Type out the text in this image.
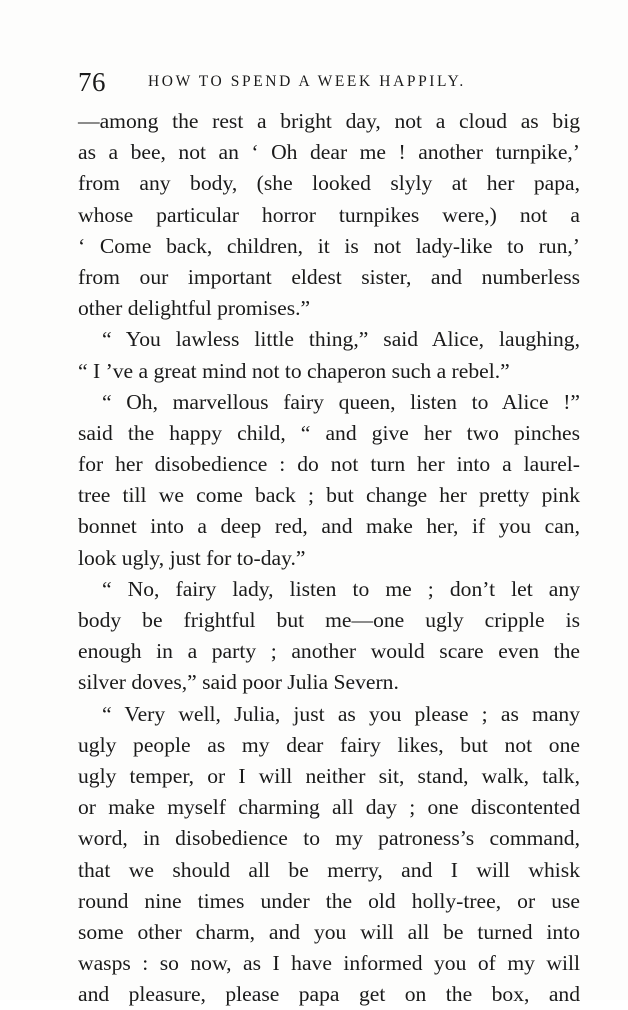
76	HOW TO SPEND A WEEK HAPPILY.
—among the rest a bright day, not a cloud as big
as a bee, not an ‘ Oh dear me ! another turnpike,’
from any body, (she looked slyly at her papa,
whose particular horror turnpikes were,) not a
‘ Come back, children, it is not lady-like to run,’
from our important eldest sister, and numberless
other delightful promises.”
“ You lawless little thing,” said Alice, laughing,
“ I ’ve a great mind not to chaperon such a rebel.”
“ Oh, marvellous fairy queen, listen to Alice !”
said the happy child, “ and give her two pinches
for her disobedience : do not turn her into a laurel-
tree till we come back ; but change her pretty pink
bonnet into a deep red, and make her, if you can,
look ugly, just for to-day.”
“ No, fairy lady, listen to me ; don’t let any
body be frightful but me—one ugly cripple is
enough in a party ; another would scare even the
silver doves,” said poor Julia Severn.
“ Very well, Julia, just as you please ; as many
ugly people as my dear fairy likes, but not one
ugly temper, or I will neither sit, stand, walk, talk,
or make myself charming all day ; one discontented
word, in disobedience to my patroness’s command,
that we should all be merry, and I will whisk
round nine times under the old holly-tree, or use
some other charm, and you will all be turned into
wasps : so now, as I have informed you of my will
and pleasure, please papa get on the box, and
